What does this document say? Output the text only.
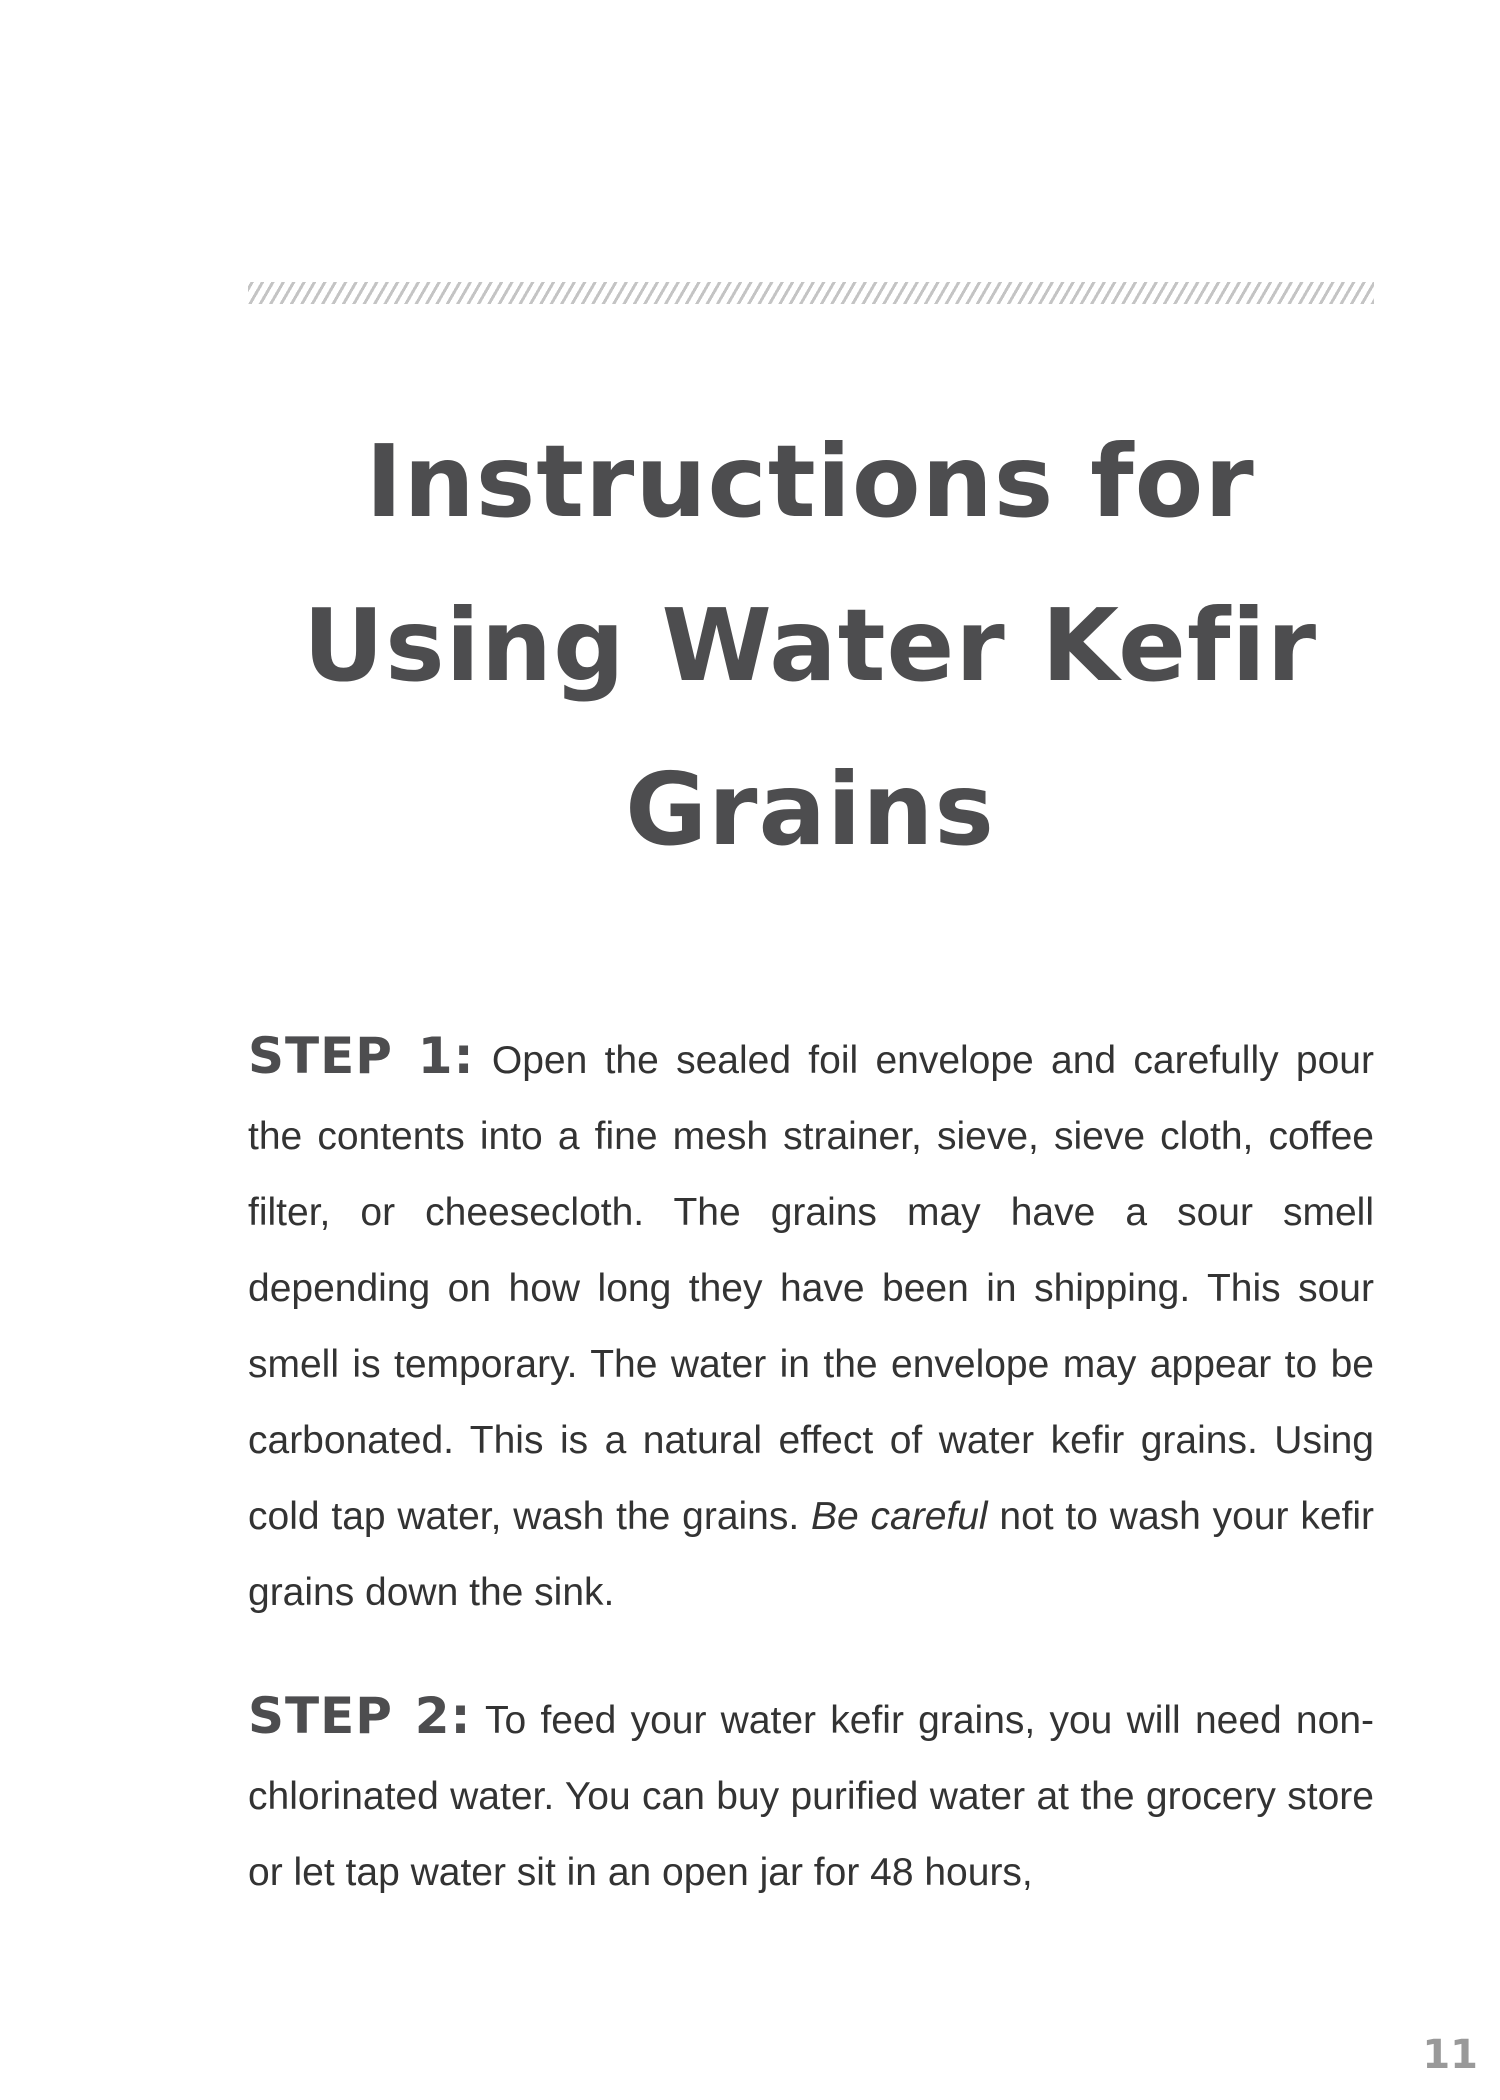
Instructions for Using Water Kefir Grains

STEP 1: Open the sealed foil envelope and carefully pour the contents into a fine mesh strainer, sieve, sieve cloth, coffee filter, or cheesecloth. The grains may have a sour smell depending on how long they have been in shipping. This sour smell is temporary. The water in the envelope may appear to be carbonated. This is a natural effect of water kefir grains. Using cold tap water, wash the grains. Be careful not to wash your kefir grains down the sink.

STEP 2: To feed your water kefir grains, you will need non-chlorinated water. You can buy purified water at the grocery store or let tap water sit in an open jar for 48 hours,

11
